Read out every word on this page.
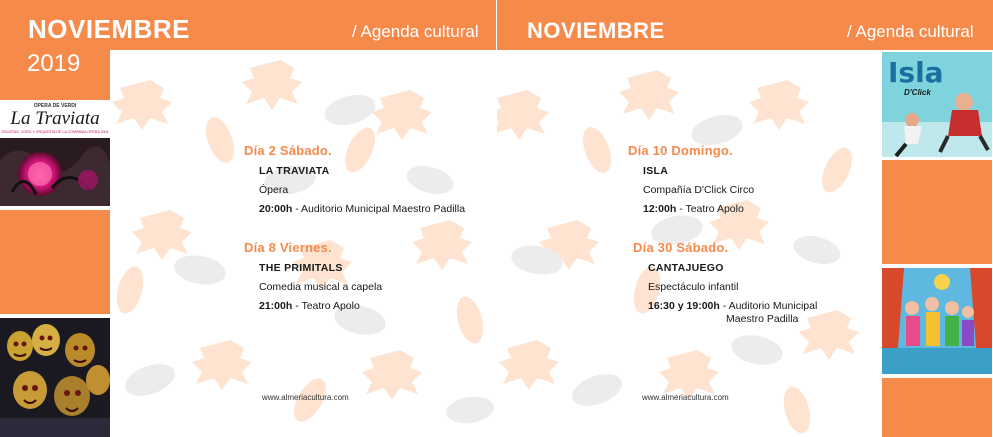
NOVIEMBRE	/ Agenda cultural
2019
OPERA DE VERDI
La Traviata
SOLISTAS, CORO Y ORQUESTA DE LA COMPAÑIA OPERA 2001
Día 2 Sábado.
LA TRAVIATA
Ópera
20:00h - Auditorio Municipal Maestro Padilla
Día 8 Viernes.
THE PRIMITALS
Comedia musical a capela
21:00h - Teatro Apolo
www.almeriacultura.com
NOVIEMBRE	/ Agenda cultural
Día 10 Domingo.
ISLA
Compañía D'Click Circo
12:00h - Teatro Apolo
Día 30 Sábado.
CANTAJUEGO
Espectáculo infantil
16:30 y 19:00h - Auditorio Municipal
Maestro Padilla
www.almeriacultura.com
Isla
D'Click
